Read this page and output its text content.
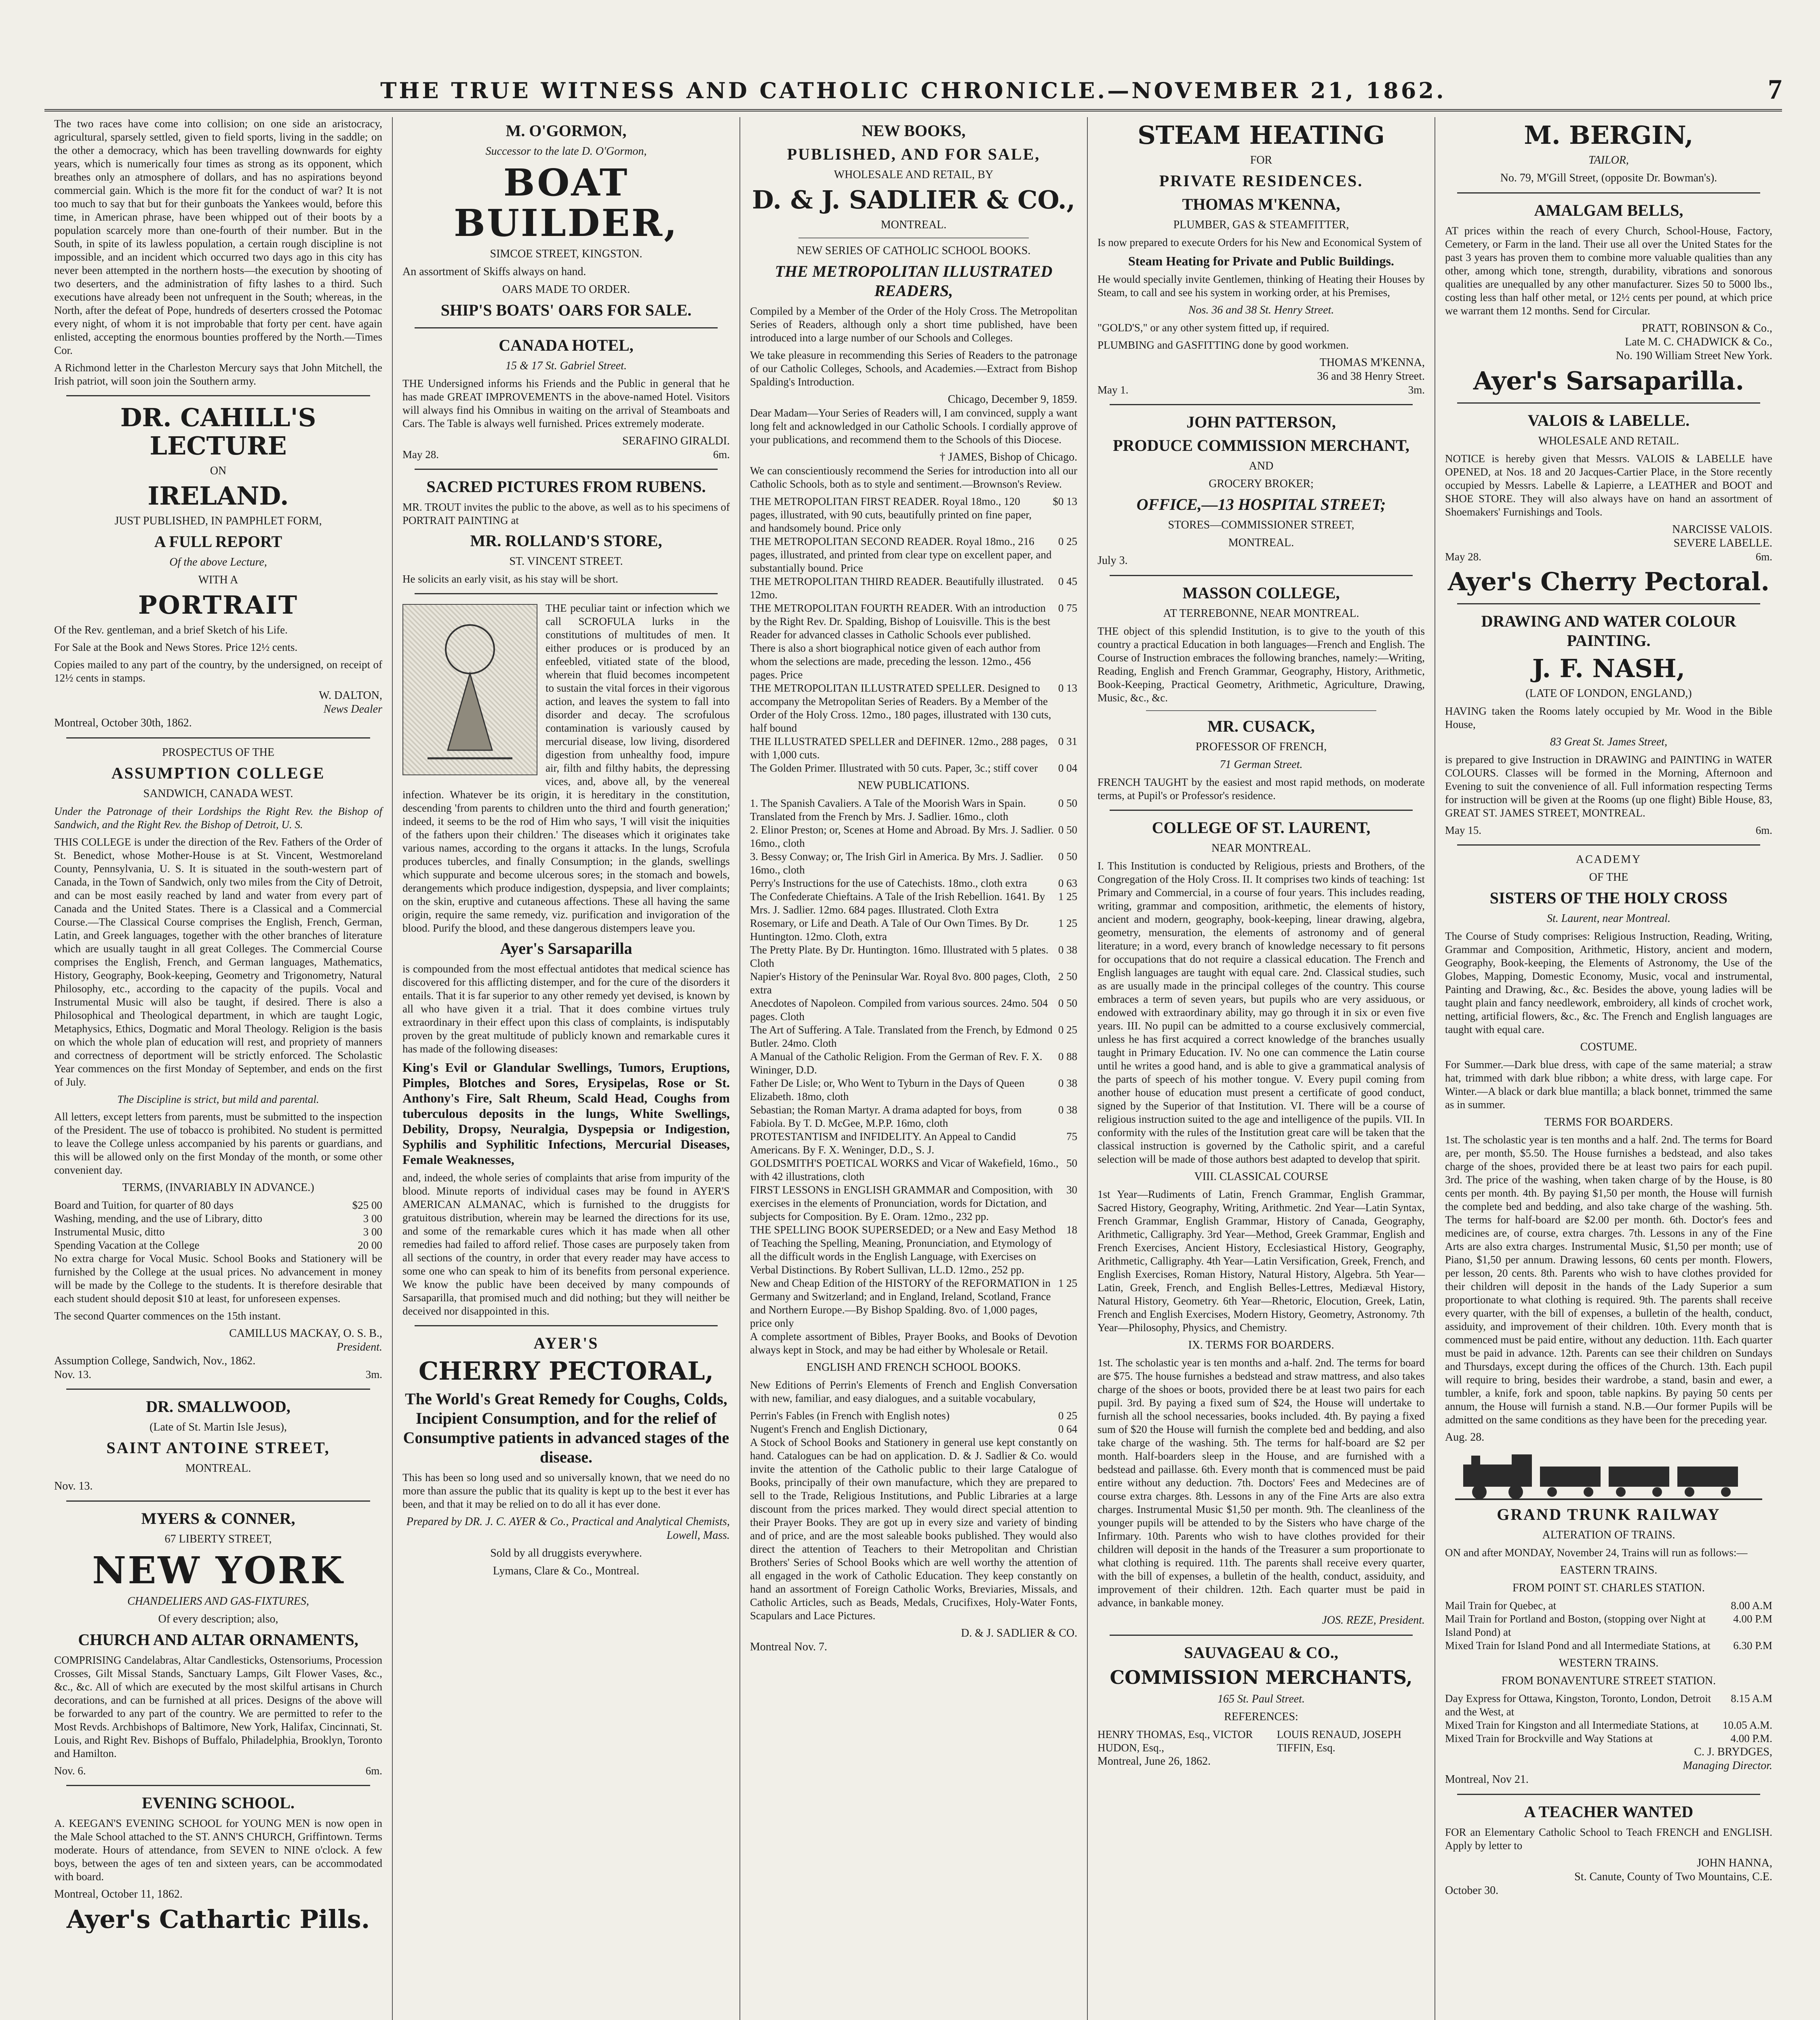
THE TRUE WITNESS AND CATHOLIC CHRONICLE.—NOVEMBER 21, 1862.	7

The two races have come into collision; on one side an aristocracy, agricultural, sparsely settled, given to field sports, living in the saddle; on the other a democracy, which has been travelling downwards for eighty years, which is numerically four times as strong as its opponent, which breathes only an atmosphere of dollars, and has no aspirations beyond commercial gain. Which is the more fit for the conduct of war? It is not too much to say that but for their gunboats the Yankees would, before this time, in American phrase, have been whipped out of their boots by a population scarcely more than one-fourth of their number. But in the South, in spite of its lawless population, a certain rough discipline is not impossible, and an incident which occurred two days ago in this city has never been attempted in the northern hosts—the execution by shooting of two deserters, and the administration of fifty lashes to a third. Such executions have already been not unfrequent in the South; whereas, in the North, after the defeat of Pope, hundreds of deserters crossed the Potomac every night, of whom it is not improbable that forty per cent. have again enlisted, accepting the enormous bounties proffered by the North.—Times Cor.

A Richmond letter in the Charleston Mercury says that John Mitchell, the Irish patriot, will soon join the Southern army.

DR. CAHILL'S LECTURE
ON
IRELAND.
JUST PUBLISHED, IN PAMPHLET FORM,
A FULL REPORT
Of the above Lecture,
WITH A
PORTRAIT

Of the Rev. gentleman, and a brief Sketch of his Life.

For Sale at the Book and News Stores. Price 12½ cents.

Copies mailed to any part of the country, by the undersigned, on receipt of 12½ cents in stamps.

W. DALTON,
News Dealer
Montreal, October 30th, 1862.
PROSPECTUS OF THE
ASSUMPTION COLLEGE
SANDWICH, CANADA WEST.

Under the Patronage of their Lordships the Right Rev. the Bishop of Sandwich, and the Right Rev. the Bishop of Detroit, U. S.

THIS COLLEGE is under the direction of the Rev. Fathers of the Order of St. Benedict, whose Mother-House is at St. Vincent, Westmoreland County, Pennsylvania, U. S. It is situated in the south-western part of Canada, in the Town of Sandwich, only two miles from the City of Detroit, and can be most easily reached by land and water from every part of Canada and the United States. There is a Classical and a Commercial Course.—The Classical Course comprises the English, French, German, Latin, and Greek languages, together with the other branches of literature which are usually taught in all great Colleges. The Commercial Course comprises the English, French, and German languages, Mathematics, History, Geography, Book-keeping, Geometry and Trigonometry, Natural Philosophy, etc., according to the capacity of the pupils. Vocal and Instrumental Music will also be taught, if desired. There is also a Philosophical and Theological department, in which are taught Logic, Metaphysics, Ethics, Dogmatic and Moral Theology. Religion is the basis on which the whole plan of education will rest, and propriety of manners and correctness of deportment will be strictly enforced. The Scholastic Year commences on the first Monday of September, and ends on the first of July.

The Discipline is strict, but mild and parental.

All letters, except letters from parents, must be submitted to the inspection of the President. The use of tobacco is prohibited. No student is permitted to leave the College unless accompanied by his parents or guardians, and this will be allowed only on the first Monday of the month, or some other convenient day.

TERMS, (INVARIABLY IN ADVANCE.)
Board and Tuition, for quarter of 80 days	$25 00
Washing, mending, and the use of Library, ditto	3 00
Instrumental Music, ditto	3 00
Spending Vacation at the College	20 00

No extra charge for Vocal Music. School Books and Stationery will be furnished by the College at the usual prices. No advancement in money will be made by the College to the students. It is therefore desirable that each student should deposit $10 at least, for unforeseen expenses.

The second Quarter commences on the 15th instant.

CAMILLUS MACKAY, O. S. B.,
President.
Assumption College, Sandwich, Nov., 1862.
Nov. 13.	3m.
DR. SMALLWOOD,
(Late of St. Martin Isle Jesus),
SAINT ANTOINE STREET,
MONTREAL.
Nov. 13.
MYERS & CONNER,
67 LIBERTY STREET,
NEW YORK
CHANDELIERS AND GAS-FIXTURES,
Of every description; also,
CHURCH AND ALTAR ORNAMENTS,

COMPRISING Candelabras, Altar Candlesticks, Ostensoriums, Procession Crosses, Gilt Missal Stands, Sanctuary Lamps, Gilt Flower Vases, &c., &c., &c. All of which are executed by the most skilful artisans in Church decorations, and can be furnished at all prices. Designs of the above will be forwarded to any part of the country. We are permitted to refer to the Most Revds. Archbishops of Baltimore, New York, Halifax, Cincinnati, St. Louis, and Right Rev. Bishops of Buffalo, Philadelphia, Brooklyn, Toronto and Hamilton.

Nov. 6.	6m.
EVENING SCHOOL.

A. KEEGAN'S EVENING SCHOOL for YOUNG MEN is now open in the Male School attached to the ST. ANN'S CHURCH, Griffintown. Terms moderate. Hours of attendance, from SEVEN to NINE o'clock. A few boys, between the ages of ten and sixteen years, can be accommodated with board.

Montreal, October 11, 1862.
Ayer's Cathartic Pills.
M. O'GORMON,
Successor to the late D. O'Gormon,
BOAT BUILDER,
SIMCOE STREET, KINGSTON.
An assortment of Skiffs always on hand.
OARS MADE TO ORDER.
SHIP'S BOATS' OARS FOR SALE.
CANADA HOTEL,
15 & 17 St. Gabriel Street.

THE Undersigned informs his Friends and the Public in general that he has made GREAT IMPROVEMENTS in the above-named Hotel. Visitors will always find his Omnibus in waiting on the arrival of Steamboats and Cars. The Table is always well furnished. Prices extremely moderate.

SERAFINO GIRALDI.
May 28.	6m.
SACRED PICTURES FROM RUBENS.

MR. TROUT invites the public to the above, as well as to his specimens of PORTRAIT PAINTING at

MR. ROLLAND'S STORE,
ST. VINCENT STREET.

He solicits an early visit, as his stay will be short.

THE peculiar taint or infection which we call SCROFULA lurks in the constitutions of multitudes of men. It either produces or is produced by an enfeebled, vitiated state of the blood, wherein that fluid becomes incompetent to sustain the vital forces in their vigorous action, and leaves the system to fall into disorder and decay. The scrofulous contamination is variously caused by mercurial disease, low living, disordered digestion from unhealthy food, impure air, filth and filthy habits, the depressing vices, and, above all, by the venereal infection. Whatever be its origin, it is hereditary in the constitution, descending 'from parents to children unto the third and fourth generation;' indeed, it seems to be the rod of Him who says, 'I will visit the iniquities of the fathers upon their children.' The diseases which it originates take various names, according to the organs it attacks. In the lungs, Scrofula produces tubercles, and finally Consumption; in the glands, swellings which suppurate and become ulcerous sores; in the stomach and bowels, derangements which produce indigestion, dyspepsia, and liver complaints; on the skin, eruptive and cutaneous affections. These all having the same origin, require the same remedy, viz. purification and invigoration of the blood. Purify the blood, and these dangerous distempers leave you.

Ayer's Sarsaparilla

is compounded from the most effectual antidotes that medical science has discovered for this afflicting distemper, and for the cure of the disorders it entails. That it is far superior to any other remedy yet devised, is known by all who have given it a trial. That it does combine virtues truly extraordinary in their effect upon this class of complaints, is indisputably proven by the great multitude of publicly known and remarkable cures it has made of the following diseases:

King's Evil or Glandular Swellings, Tumors, Eruptions, Pimples, Blotches and Sores, Erysipelas, Rose or St. Anthony's Fire, Salt Rheum, Scald Head, Coughs from tuberculous deposits in the lungs, White Swellings, Debility, Dropsy, Neuralgia, Dyspepsia or Indigestion, Syphilis and Syphilitic Infections, Mercurial Diseases, Female Weaknesses,

and, indeed, the whole series of complaints that arise from impurity of the blood. Minute reports of individual cases may be found in AYER'S AMERICAN ALMANAC, which is furnished to the druggists for gratuitous distribution, wherein may be learned the directions for its use, and some of the remarkable cures which it has made when all other remedies had failed to afford relief. Those cases are purposely taken from all sections of the country, in order that every reader may have access to some one who can speak to him of its benefits from personal experience. We know the public have been deceived by many compounds of Sarsaparilla, that promised much and did nothing; but they will neither be deceived nor disappointed in this.

AYER'S
CHERRY PECTORAL,
The World's Great Remedy for Coughs, Colds, Incipient Consumption, and for the relief of Consumptive patients in advanced stages of the disease.

This has been so long used and so universally known, that we need do no more than assure the public that its quality is kept up to the best it ever has been, and that it may be relied on to do all it has ever done.

Prepared by DR. J. C. AYER & Co., Practical and Analytical Chemists, Lowell, Mass.
Sold by all druggists everywhere.
Lymans, Clare & Co., Montreal.
NEW BOOKS,
PUBLISHED, AND FOR SALE,
WHOLESALE AND RETAIL, BY
D. & J. SADLIER & CO.,
MONTREAL.
NEW SERIES OF CATHOLIC SCHOOL BOOKS.
THE METROPOLITAN ILLUSTRATED READERS,

Compiled by a Member of the Order of the Holy Cross. The Metropolitan Series of Readers, although only a short time published, have been introduced into a large number of our Schools and Colleges.

We take pleasure in recommending this Series of Readers to the patronage of our Catholic Colleges, Schools, and Academies.—Extract from Bishop Spalding's Introduction.

Chicago, December 9, 1859.

Dear Madam—Your Series of Readers will, I am convinced, supply a want long felt and acknowledged in our Catholic Schools. I cordially approve of your publications, and recommend them to the Schools of this Diocese.

† JAMES, Bishop of Chicago.

We can conscientiously recommend the Series for introduction into all our Catholic Schools, both as to style and sentiment.—Brownson's Review.

THE METROPOLITAN FIRST READER. Royal 18mo., 120 pages, illustrated, with 90 cuts, beautifully printed on fine paper, and handsomely bound. Price only
$0 13
THE METROPOLITAN SECOND READER. Royal 18mo., 216 pages, illustrated, and printed from clear type on excellent paper, and substantially bound. Price
0 25
THE METROPOLITAN THIRD READER. Beautifully illustrated. 12mo.
0 45
THE METROPOLITAN FOURTH READER. With an introduction by the Right Rev. Dr. Spalding, Bishop of Louisville. This is the best Reader for advanced classes in Catholic Schools ever published. There is also a short biographical notice given of each author from whom the selections are made, preceding the lesson. 12mo., 456 pages. Price
0 75
THE METROPOLITAN ILLUSTRATED SPELLER. Designed to accompany the Metropolitan Series of Readers. By a Member of the Order of the Holy Cross. 12mo., 180 pages, illustrated with 130 cuts, half bound
0 13
THE ILLUSTRATED SPELLER and DEFINER. 12mo., 288 pages, with 1,000 cuts.
0 31
The Golden Primer. Illustrated with 50 cuts. Paper, 3c.; stiff cover	0 04
NEW PUBLICATIONS.
1. The Spanish Cavaliers. A Tale of the Moorish Wars in Spain. Translated from the French by Mrs. J. Sadlier. 16mo., cloth
0 50
2. Elinor Preston; or, Scenes at Home and Abroad. By Mrs. J. Sadlier. 16mo., cloth
0 50
3. Bessy Conway; or, The Irish Girl in America. By Mrs. J. Sadlier. 16mo., cloth
0 50
Perry's Instructions for the use of Catechists. 18mo., cloth extra	0 63
The Confederate Chieftains. A Tale of the Irish Rebellion. 1641. By Mrs. J. Sadlier. 12mo. 684 pages. Illustrated. Cloth Extra
1 25
Rosemary, or Life and Death. A Tale of Our Own Times. By Dr. Huntington. 12mo. Cloth, extra
1 25
The Pretty Plate. By Dr. Huntington. 16mo. Illustrated with 5 plates. Cloth
0 38
Napier's History of the Peninsular War. Royal 8vo. 800 pages, Cloth, extra
2 50
Anecdotes of Napoleon. Compiled from various sources. 24mo. 504 pages. Cloth
0 50
The Art of Suffering. A Tale. Translated from the French, by Edmond Butler. 24mo. Cloth
0 25
A Manual of the Catholic Religion. From the German of Rev. F. X. Wininger, D.D.
0 88
Father De Lisle; or, Who Went to Tyburn in the Days of Queen Elizabeth. 18mo, cloth
0 38
Sebastian; the Roman Martyr. A drama adapted for boys, from Fabiola. By T. D. McGee, M.P.P. 16mo, cloth
0 38
PROTESTANTISM and INFIDELITY. An Appeal to Candid Americans. By F. X. Weninger, D.D., S. J.
75
GOLDSMITH'S POETICAL WORKS and Vicar of Wakefield, 16mo., with 42 illustrations, cloth
50
FIRST LESSONS in ENGLISH GRAMMAR and Composition, with exercises in the elements of Pronunciation, words for Dictation, and subjects for Composition. By E. Oram. 12mo., 232 pp.
30
THE SPELLING BOOK SUPERSEDED; or a New and Easy Method of Teaching the Spelling, Meaning, Pronunciation, and Etymology of all the difficult words in the English Language, with Exercises on Verbal Distinctions. By Robert Sullivan, LL.D. 12mo., 252 pp.
18
New and Cheap Edition of the HISTORY of the REFORMATION in Germany and Switzerland; and in England, Ireland, Scotland, France and Northern Europe.—By Bishop Spalding. 8vo. of 1,000 pages, price only
1 25

A complete assortment of Bibles, Prayer Books, and Books of Devotion always kept in Stock, and may be had either by Wholesale or Retail.

ENGLISH AND FRENCH SCHOOL BOOKS.

New Editions of Perrin's Elements of French and English Conversation with new, familiar, and easy dialogues, and a suitable vocabulary,

Perrin's Fables (in French with English notes)	0 25
Nugent's French and English Dictionary,	0 64

A Stock of School Books and Stationery in general use kept constantly on hand. Catalogues can be had on application. D. & J. Sadlier & Co. would invite the attention of the Catholic public to their large Catalogue of Books, principally of their own manufacture, which they are prepared to sell to the Trade, Religious Institutions, and Public Libraries at a large discount from the prices marked. They would direct special attention to their Prayer Books. They are got up in every size and variety of binding and of price, and are the most saleable books published. They would also direct the attention of Teachers to their Metropolitan and Christian Brothers' Series of School Books which are well worthy the attention of all engaged in the work of Catholic Education. They keep constantly on hand an assortment of Foreign Catholic Works, Breviaries, Missals, and Catholic Articles, such as Beads, Medals, Crucifixes, Holy-Water Fonts, Scapulars and Lace Pictures.

D. & J. SADLIER & CO.
Montreal Nov. 7.
STEAM HEATING
FOR
PRIVATE RESIDENCES.
THOMAS M'KENNA,
PLUMBER, GAS & STEAMFITTER,

Is now prepared to execute Orders for his New and Economical System of

Steam Heating for Private and Public Buildings.

He would specially invite Gentlemen, thinking of Heating their Houses by Steam, to call and see his system in working order, at his Premises,

Nos. 36 and 38 St. Henry Street.

"GOLD'S," or any other system fitted up, if required.

PLUMBING and GASFITTING done by good workmen.

THOMAS M'KENNA,
36 and 38 Henry Street.
May 1.	3m.
JOHN PATTERSON,
PRODUCE COMMISSION MERCHANT,
AND
GROCERY BROKER;
OFFICE,—13 HOSPITAL STREET;
STORES—COMMISSIONER STREET,
MONTREAL.
July 3.
MASSON COLLEGE,
AT TERREBONNE, NEAR MONTREAL.

THE object of this splendid Institution, is to give to the youth of this country a practical Education in both languages—French and English. The Course of Instruction embraces the following branches, namely:—Writing, Reading, English and French Grammar, Geography, History, Arithmetic, Book-Keeping, Practical Geometry, Arithmetic, Agriculture, Drawing, Music, &c., &c.

MR. CUSACK,
PROFESSOR OF FRENCH,
71 German Street.

FRENCH TAUGHT by the easiest and most rapid methods, on moderate terms, at Pupil's or Professor's residence.

COLLEGE OF ST. LAURENT,
NEAR MONTREAL.

I. This Institution is conducted by Religious, priests and Brothers, of the Congregation of the Holy Cross. II. It comprises two kinds of teaching: 1st Primary and Commercial, in a course of four years. This includes reading, writing, grammar and composition, arithmetic, the elements of history, ancient and modern, geography, book-keeping, linear drawing, algebra, geometry, mensuration, the elements of astronomy and of general literature; in a word, every branch of knowledge necessary to fit persons for occupations that do not require a classical education. The French and English languages are taught with equal care. 2nd. Classical studies, such as are usually made in the principal colleges of the country. This course embraces a term of seven years, but pupils who are very assiduous, or endowed with extraordinary ability, may go through it in six or even five years. III. No pupil can be admitted to a course exclusively commercial, unless he has first acquired a correct knowledge of the branches usually taught in Primary Education. IV. No one can commence the Latin course until he writes a good hand, and is able to give a grammatical analysis of the parts of speech of his mother tongue. V. Every pupil coming from another house of education must present a certificate of good conduct, signed by the Superior of that Institution. VI. There will be a course of religious instruction suited to the age and intelligence of the pupils. VII. In conformity with the rules of the Institution great care will be taken that the classical instruction is governed by the Catholic spirit, and a careful selection will be made of those authors best adapted to develop that spirit.

VIII. CLASSICAL COURSE

1st Year—Rudiments of Latin, French Grammar, English Grammar, Sacred History, Geography, Writing, Arithmetic. 2nd Year—Latin Syntax, French Grammar, English Grammar, History of Canada, Geography, Arithmetic, Calligraphy. 3rd Year—Method, Greek Grammar, English and French Exercises, Ancient History, Ecclesiastical History, Geography, Arithmetic, Calligraphy. 4th Year—Latin Versification, Greek, French, and English Exercises, Roman History, Natural History, Algebra. 5th Year—Latin, Greek, French, and English Belles-Lettres, Mediæval History, Natural History, Geometry. 6th Year—Rhetoric, Elocution, Greek, Latin, French and English Exercises, Modern History, Geometry, Astronomy. 7th Year—Philosophy, Physics, and Chemistry.

IX. TERMS FOR BOARDERS.

1st. The scholastic year is ten months and a-half. 2nd. The terms for board are $75. The house furnishes a bedstead and straw mattress, and also takes charge of the shoes or boots, provided there be at least two pairs for each pupil. 3rd. By paying a fixed sum of $24, the House will undertake to furnish all the school necessaries, books included. 4th. By paying a fixed sum of $20 the House will furnish the complete bed and bedding, and also take charge of the washing. 5th. The terms for half-board are $2 per month. Half-boarders sleep in the House, and are furnished with a bedstead and paillasse. 6th. Every month that is commenced must be paid entire without any deduction. 7th. Doctors' Fees and Medecines are of course extra charges. 8th. Lessons in any of the Fine Arts are also extra charges. Instrumental Music $1,50 per month. 9th. The cleanliness of the younger pupils will be attended to by the Sisters who have charge of the Infirmary. 10th. Parents who wish to have clothes provided for their children will deposit in the hands of the Treasurer a sum proportionate to what clothing is required. 11th. The parents shall receive every quarter, with the bill of expenses, a bulletin of the health, conduct, assiduity, and improvement of their children. 12th. Each quarter must be paid in advance, in bankable money.

JOS. REZE, President.
SAUVAGEAU & CO.,
COMMISSION MERCHANTS,
165 St. Paul Street.
REFERENCES:
HENRY THOMAS, Esq., VICTOR HUDON, Esq.,
LOUIS RENAUD, JOSEPH TIFFIN, Esq.
Montreal, June 26, 1862.
M. BERGIN,
TAILOR,
No. 79, M'Gill Street, (opposite Dr. Bowman's).
AMALGAM BELLS,

AT prices within the reach of every Church, School-House, Factory, Cemetery, or Farm in the land. Their use all over the United States for the past 3 years has proven them to combine more valuable qualities than any other, among which tone, strength, durability, vibrations and sonorous qualities are unequalled by any other manufacturer. Sizes 50 to 5000 lbs., costing less than half other metal, or 12½ cents per pound, at which price we warrant them 12 months. Send for Circular.

PRATT, ROBINSON & Co.,
Late M. C. CHADWICK & Co.,
No. 190 William Street New York.
Ayer's Sarsaparilla.
VALOIS & LABELLE.
WHOLESALE AND RETAIL.

NOTICE is hereby given that Messrs. VALOIS & LABELLE have OPENED, at Nos. 18 and 20 Jacques-Cartier Place, in the Store recently occupied by Messrs. Labelle & Lapierre, a LEATHER and BOOT and SHOE STORE. They will also always have on hand an assortment of Shoemakers' Furnishings and Tools.

NARCISSE VALOIS.
SEVERE LABELLE.
May 28.	6m.
Ayer's Cherry Pectoral.
DRAWING AND WATER COLOUR PAINTING.
J. F. NASH,
(LATE OF LONDON, ENGLAND,)

HAVING taken the Rooms lately occupied by Mr. Wood in the Bible House,

83 Great St. James Street,

is prepared to give Instruction in DRAWING and PAINTING in WATER COLOURS. Classes will be formed in the Morning, Afternoon and Evening to suit the convenience of all. Full information respecting Terms for instruction will be given at the Rooms (up one flight) Bible House, 83, GREAT ST. JAMES STREET, MONTREAL.

May 15.	6m.
ACADEMY
OF THE
SISTERS OF THE HOLY CROSS
St. Laurent, near Montreal.

The Course of Study comprises: Religious Instruction, Reading, Writing, Grammar and Composition, Arithmetic, History, ancient and modern, Geography, Book-keeping, the Elements of Astronomy, the Use of the Globes, Mapping, Domestic Economy, Music, vocal and instrumental, Painting and Drawing, &c., &c. Besides the above, young ladies will be taught plain and fancy needlework, embroidery, all kinds of crochet work, netting, artificial flowers, &c., &c. The French and English languages are taught with equal care.

COSTUME.

For Summer.—Dark blue dress, with cape of the same material; a straw hat, trimmed with dark blue ribbon; a white dress, with large cape. For Winter.—A black or dark blue mantilla; a black bonnet, trimmed the same as in summer.

TERMS FOR BOARDERS.

1st. The scholastic year is ten months and a half. 2nd. The terms for Board are, per month, $5.50. The House furnishes a bedstead, and also takes charge of the shoes, provided there be at least two pairs for each pupil. 3rd. The price of the washing, when taken charge of by the House, is 80 cents per month. 4th. By paying $1,50 per month, the House will furnish the complete bed and bedding, and also take charge of the washing. 5th. The terms for half-board are $2.00 per month. 6th. Doctor's fees and medicines are, of course, extra charges. 7th. Lessons in any of the Fine Arts are also extra charges. Instrumental Music, $1,50 per month; use of Piano, $1,50 per annum. Drawing lessons, 60 cents per month. Flowers, per lesson, 20 cents. 8th. Parents who wish to have clothes provided for their children will deposit in the hands of the Lady Superior a sum proportionate to what clothing is required. 9th. The parents shall receive every quarter, with the bill of expenses, a bulletin of the health, conduct, assiduity, and improvement of their children. 10th. Every month that is commenced must be paid entire, without any deduction. 11th. Each quarter must be paid in advance. 12th. Parents can see their children on Sundays and Thursdays, except during the offices of the Church. 13th. Each pupil will require to bring, besides their wardrobe, a stand, basin and ewer, a tumbler, a knife, fork and spoon, table napkins. By paying 50 cents per annum, the House will furnish a stand. N.B.—Our former Pupils will be admitted on the same conditions as they have been for the preceding year.

Aug. 28.
GRAND TRUNK RAILWAY
ALTERATION OF TRAINS.

ON and after MONDAY, November 24, Trains will run as follows:—

EASTERN TRAINS.
FROM POINT ST. CHARLES STATION.
Mail Train for Quebec, at	8.00 A.M
Mail Train for Portland and Boston, (stopping over Night at Island Pond) at
4.00 P.M
Mixed Train for Island Pond and all Intermediate Stations, at	6.30 P.M
WESTERN TRAINS.
FROM BONAVENTURE STREET STATION.
Day Express for Ottawa, Kingston, Toronto, London, Detroit and the West, at
8.15 A.M
Mixed Train for Kingston and all Intermediate Stations, at	10.05 A.M.
Mixed Train for Brockville and Way Stations at	4.00 P.M.
C. J. BRYDGES,
Managing Director.
Montreal, Nov 21.
A TEACHER WANTED

FOR an Elementary Catholic School to Teach FRENCH and ENGLISH. Apply by letter to

JOHN HANNA,
St. Canute, County of Two Mountains, C.E.
October 30.
